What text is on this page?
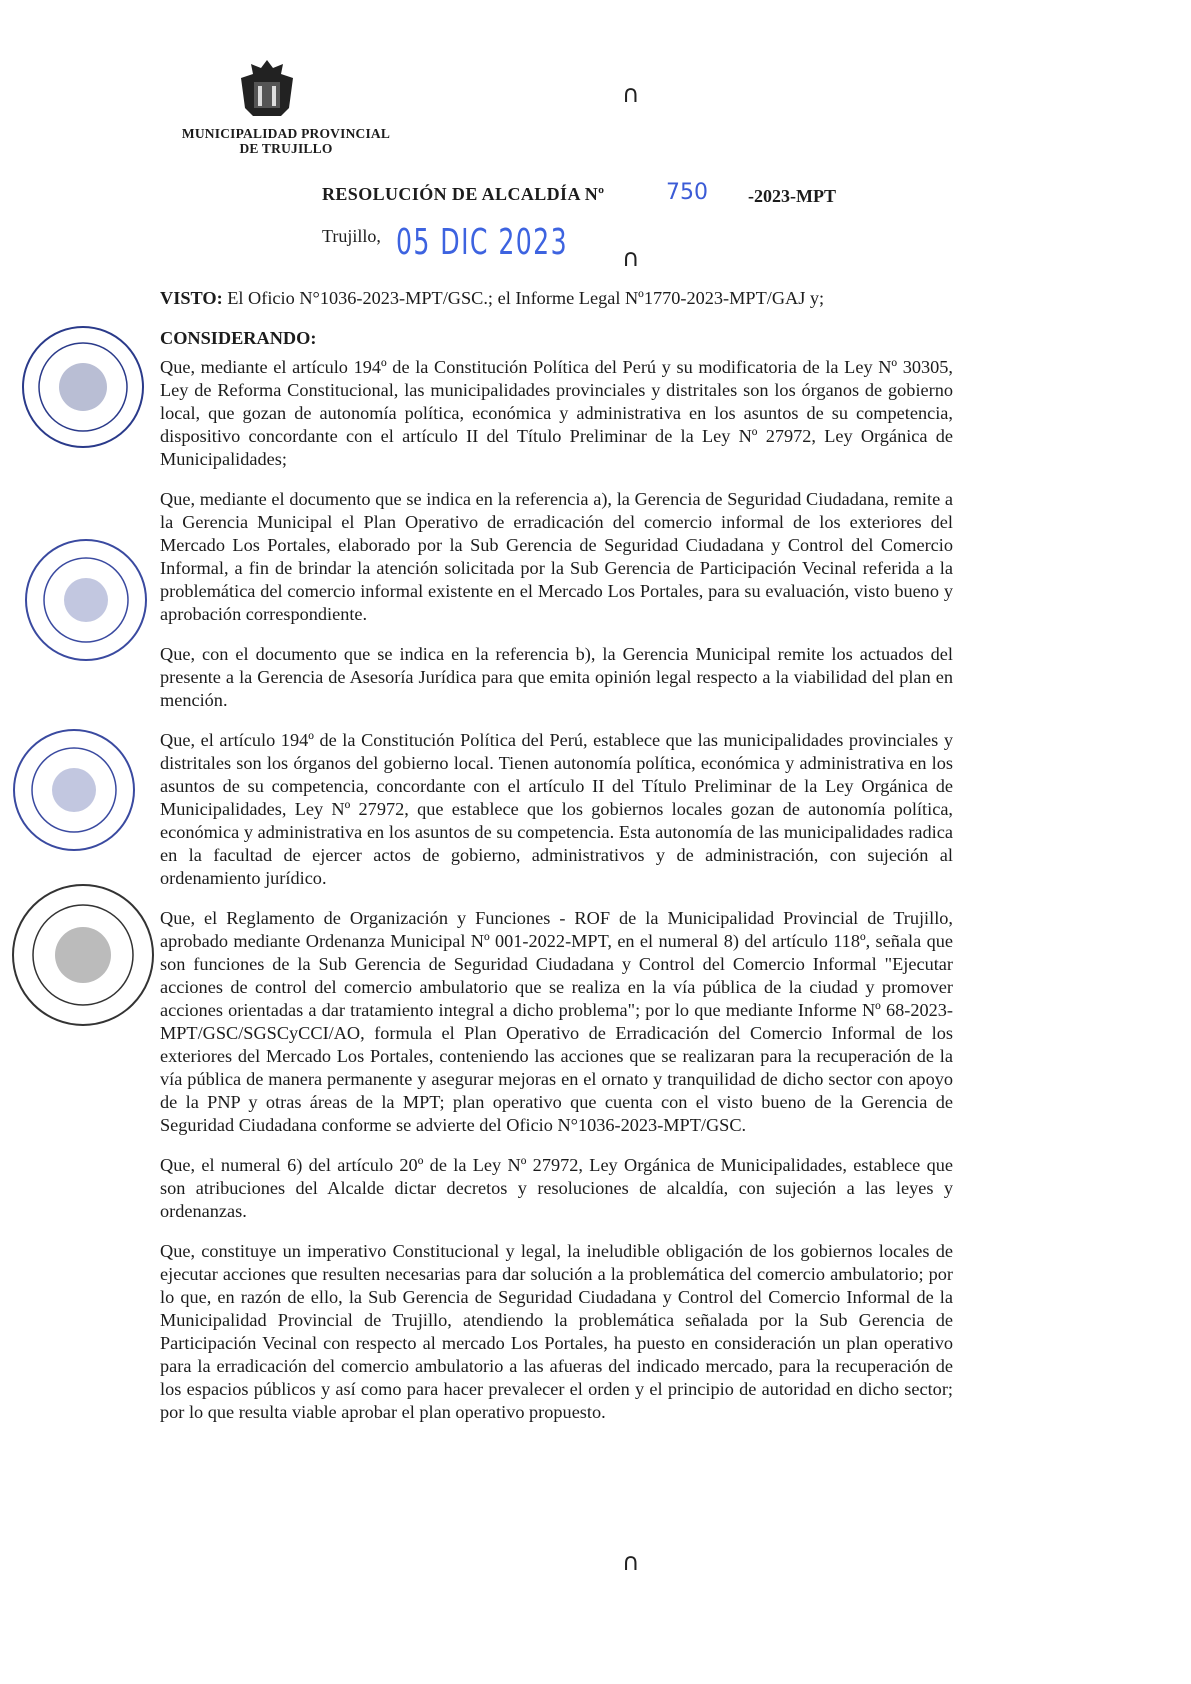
MUNICIPALIDAD PROVINCIAL
DE TRUJILLO
∩
RESOLUCIÓN DE ALCALDÍA Nº	750 -2023-MPT
Trujillo, 05 DIC 2023 ∩
VISTO: El Oficio N°1036-2023-MPT/GSC.; el Informe Legal Nº1770-2023-MPT/GAJ y;
CONSIDERANDO:
Que, mediante el artículo 194º de la Constitución Política del Perú y su modificatoria de la Ley Nº 30305, Ley de Reforma Constitucional, las municipalidades provinciales y distritales son los órganos de gobierno local, que gozan de autonomía política, económica y administrativa en los asuntos de su competencia, dispositivo concordante con el artículo II del Título Preliminar de la Ley Nº 27972, Ley Orgánica de Municipalidades;
Que, mediante el documento que se indica en la referencia a), la Gerencia de Seguridad Ciudadana, remite a la Gerencia Municipal el Plan Operativo de erradicación del comercio informal de los exteriores del Mercado Los Portales, elaborado por la Sub Gerencia de Seguridad Ciudadana y Control del Comercio Informal, a fin de brindar la atención solicitada por la Sub Gerencia de Participación Vecinal referida a la problemática del comercio informal existente en el Mercado Los Portales, para su evaluación, visto bueno y aprobación correspondiente.
Que, con el documento que se indica en la referencia b), la Gerencia Municipal remite los actuados del presente a la Gerencia de Asesoría Jurídica para que emita opinión legal respecto a la viabilidad del plan en mención.
Que, el artículo 194º de la Constitución Política del Perú, establece que las municipalidades provinciales y distritales son los órganos del gobierno local. Tienen autonomía política, económica y administrativa en los asuntos de su competencia, concordante con el artículo II del Título Preliminar de la Ley Orgánica de Municipalidades, Ley Nº 27972, que establece que los gobiernos locales gozan de autonomía política, económica y administrativa en los asuntos de su competencia. Esta autonomía de las municipalidades radica en la facultad de ejercer actos de gobierno, administrativos y de administración, con sujeción al ordenamiento jurídico.
Que, el Reglamento de Organización y Funciones - ROF de la Municipalidad Provincial de Trujillo, aprobado mediante Ordenanza Municipal Nº 001-2022-MPT, en el numeral 8) del artículo 118º, señala que son funciones de la Sub Gerencia de Seguridad Ciudadana y Control del Comercio Informal "Ejecutar acciones de control del comercio ambulatorio que se realiza en la vía pública de la ciudad y promover acciones orientadas a dar tratamiento integral a dicho problema"; por lo que mediante Informe Nº 68-2023- MPT/GSC/SGSCyCCI/AO, formula el Plan Operativo de Erradicación del Comercio Informal de los exteriores del Mercado Los Portales, conteniendo las acciones que se realizaran para la recuperación de la vía pública de manera permanente y asegurar mejoras en el ornato y tranquilidad de dicho sector con apoyo de la PNP y otras áreas de la MPT; plan operativo que cuenta con el visto bueno de la Gerencia de Seguridad Ciudadana conforme se advierte del Oficio N°1036-2023-MPT/GSC.
Que, el numeral 6) del artículo 20º de la Ley Nº 27972, Ley Orgánica de Municipalidades, establece que son atribuciones del Alcalde dictar decretos y resoluciones de alcaldía, con sujeción a las leyes y ordenanzas.
Que, constituye un imperativo Constitucional y legal, la ineludible obligación de los gobiernos locales de ejecutar acciones que resulten necesarias para dar solución a la problemática del comercio ambulatorio; por lo que, en razón de ello, la Sub Gerencia de Seguridad Ciudadana y Control del Comercio Informal de la Municipalidad Provincial de Trujillo, atendiendo la problemática señalada por la Sub Gerencia de Participación Vecinal con respecto al mercado Los Portales, ha puesto en consideración un plan operativo para la erradicación del comercio ambulatorio a las afueras del indicado mercado, para la recuperación de los espacios públicos y así como para hacer prevalecer el orden y el principio de autoridad en dicho sector; por lo que resulta viable aprobar el plan operativo propuesto.
∩
